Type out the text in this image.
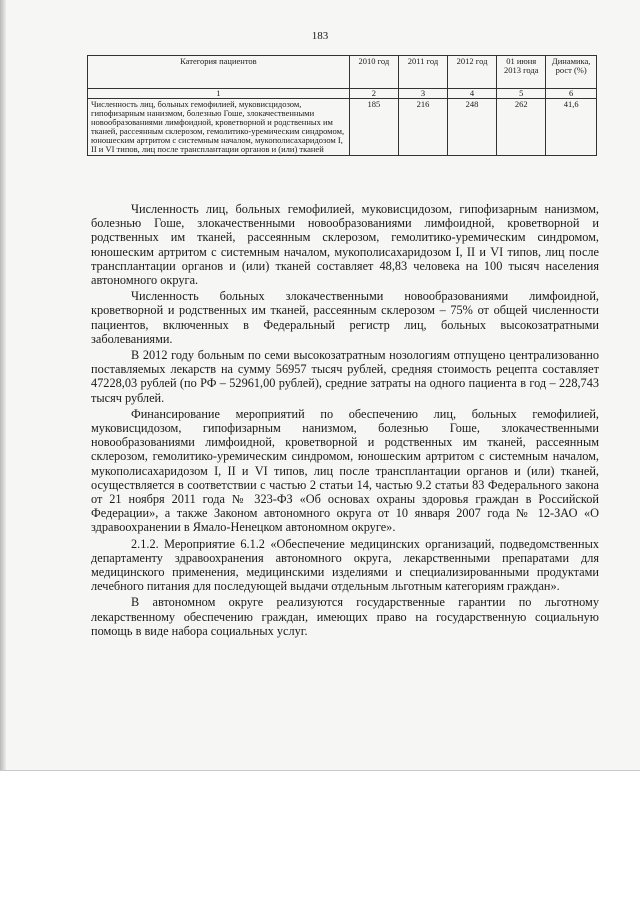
183
Категория пациентов	2010 год	2011 год	2012 год	01 июня 2013 года	Динамика, рост (%)
1	2	3	4	5	6
Численность лиц, больных гемофилией, муковисцидозом, гипофизарным нанизмом, болезнью Гоше, злокачественными новообразованиями лимфоидной, кроветворной и родственных им тканей, рассеянным склерозом, гемолитико-уремическим синдромом, юношеским артритом с системным началом, мукополисахаридозом I, II и VI типов, лиц после трансплантации органов и (или) тканей	185	216	248	262	41,6

Численность лиц, больных гемофилией, муковисцидозом, гипофизарным нанизмом, болезнью Гоше, злокачественными новообразованиями лимфоидной, кроветворной и родственных им тканей, рассеянным склерозом, гемолитико-уремическим синдромом, юношеским артритом с системным началом, мукополисахаридозом I, II и VI типов, лиц после трансплантации органов и (или) тканей составляет 48,83 человека на 100 тысяч населения автономного округа.

Численность больных злокачественными новообразованиями лимфоидной, кроветворной и родственных им тканей, рассеянным склерозом – 75% от общей численности пациентов, включенных в Федеральный регистр лиц, больных высокозатратными заболеваниями.

В 2012 году больным по семи высокозатратным нозологиям отпущено централизованно поставляемых лекарств на сумму 56957 тысяч рублей, средняя стоимость рецепта составляет 47228,03 рублей (по РФ – 52961,00 рублей), средние затраты на одного пациента в год – 228,743 тысяч рублей.

Финансирование мероприятий по обеспечению лиц, больных гемофилией, муковисцидозом, гипофизарным нанизмом, болезнью Гоше, злокачественными новообразованиями лимфоидной, кроветворной и родственных им тканей, рассеянным склерозом, гемолитико-уремическим синдромом, юношеским артритом с системным началом, мукополисахаридозом I, II и VI типов, лиц после трансплантации органов и (или) тканей, осуществляется в соответствии с частью 2 статьи 14, частью 9.2 статьи 83 Федерального закона от 21 ноября 2011 года № 323-ФЗ «Об основах охраны здоровья граждан в Российской Федерации», а также Законом автономного округа от 10 января 2007 года № 12-ЗАО «О здравоохранении в Ямало-Ненецком автономном округе».

2.1.2. Мероприятие 6.1.2 «Обеспечение медицинских организаций, подведомственных департаменту здравоохранения автономного округа, лекарственными препаратами для медицинского применения, медицинскими изделиями и специализированными продуктами лечебного питания для последующей выдачи отдельным льготным категориям граждан».

В автономном округе реализуются государственные гарантии по льготному лекарственному обеспечению граждан, имеющих право на государственную социальную помощь в виде набора социальных услуг.
